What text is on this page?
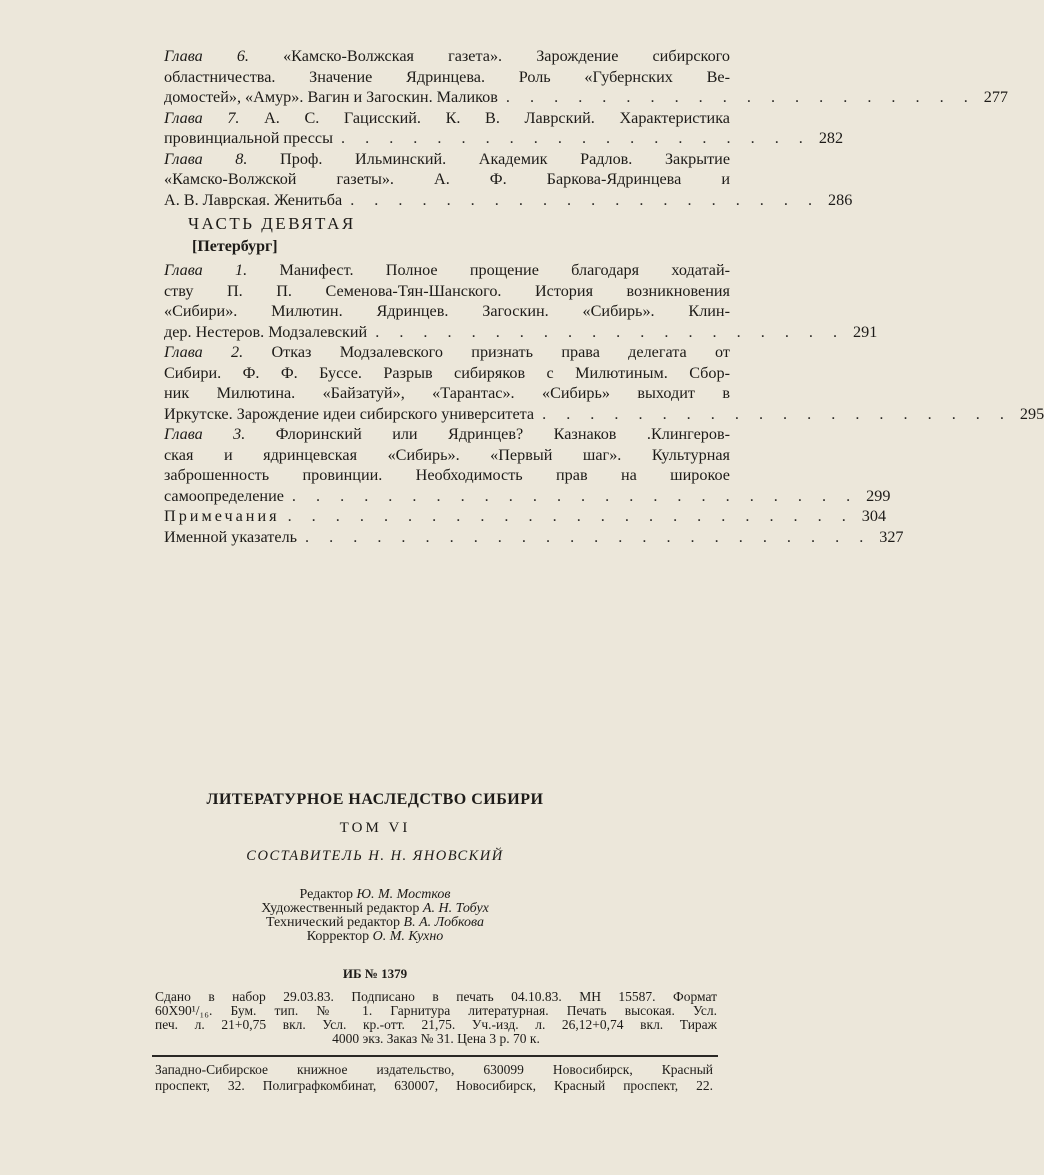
Глава 6. «Камско-Волжская газета». Зарождение сибирского
областничества. Значение Ядринцева. Роль «Губернских Ве-
домостей», «Амур». Вагин и Загоскин. Маликов . . . . . . . . . . . . . . . . . . . . 277
Глава 7. А. С. Гацисский. К. В. Лаврский. Характеристика
провинциальной прессы . . . . . . . . . . . . . . . . . . . . 282
Глава 8. Проф. Ильминский. Академик Радлов. Закрытие
«Камско-Волжской газеты». А. Ф. Баркова-Ядринцева и
А. В. Лаврская. Женитьба . . . . . . . . . . . . . . . . . . . . 286
ЧАСТЬ ДЕВЯТАЯ
[Петербург]
Глава 1. Манифест. Полное прощение благодаря ходатай-
ству П. П. Семенова-Тян-Шанского. История возникновения
«Сибири». Милютин. Ядринцев. Загоскин. «Сибирь». Клин-
дер. Нестеров. Модзалевский . . . . . . . . . . . . . . . . . . . . 291
Глава 2. Отказ Модзалевского признать права делегата от
Сибири. Ф. Ф. Буссе. Разрыв сибиряков с Милютиным. Сбор-
ник Милютина. «Байзатуй», «Тарантас». «Сибирь» выходит в
Иркутске. Зарождение идеи сибирского университета . . . . . . . . . . . . . . . . . . . . 295
Глава 3. Флоринский или Ядринцев? Казнаков .Клингеров-
ская и ядринцевская «Сибирь». «Первый шаг». Культурная
заброшенность провинции. Необходимость прав на широкое
самоопределение . . . . . . . . . . . . . . . . . . . . . . . . 299
Примечания . . . . . . . . . . . . . . . . . . . . . . . . 304
Именной указатель . . . . . . . . . . . . . . . . . . . . . . . . 327
ЛИТЕРАТУРНОЕ НАСЛЕДСТВО СИБИРИ
ТОМ VI
СОСТАВИТЕЛЬ Н. Н. ЯНОВСКИЙ
Редактор Ю. М. Мостков
Художественный редактор А. Н. Тобух
Технический редактор В. А. Лобкова
Корректор О. М. Кухно
ИБ № 1379
Сдано в набор 29.03.83. Подписано в печать 04.10.83. МН 15587. Формат
60X90¹/₁₆. Бум. тип. № 1. Гарнитура литературная. Печать высокая. Усл.
печ. л. 21+0,75 вкл. Усл. кр.-отт. 21,75. Уч.-изд. л. 26,12+0,74 вкл. Тираж
4000 экз. Заказ № 31. Цена 3 р. 70 к.
Западно-Сибирское книжное издательство, 630099 Новосибирск, Красный
проспект, 32. Полиграфкомбинат, 630007, Новосибирск, Красный проспект, 22.
